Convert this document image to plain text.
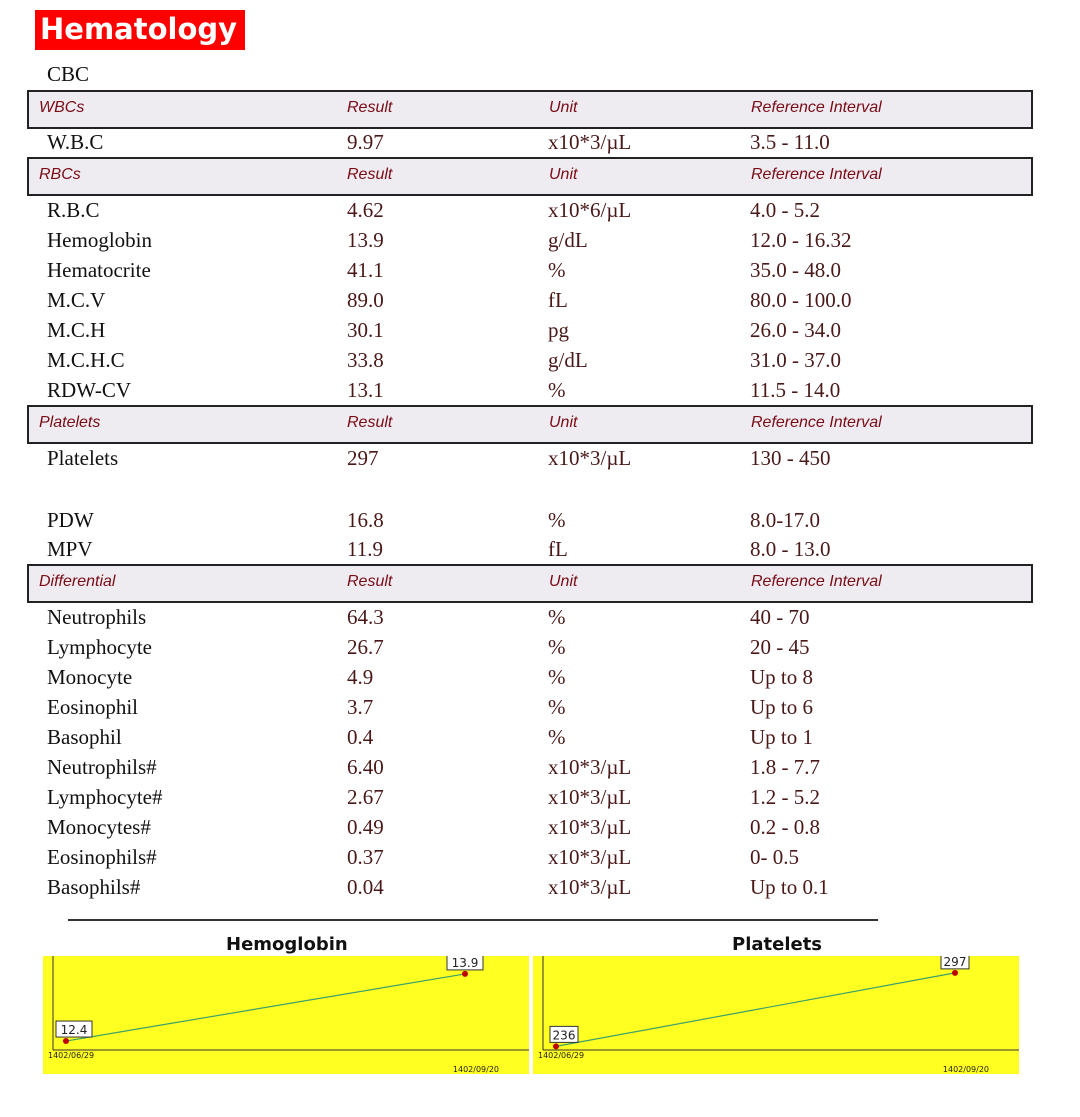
Hematology -
CBC
WBCs	Result	Unit	Reference Interval
RBCs	Result	Unit	Reference Interval
Platelets	Result	Unit	Reference Interval
Differential	Result	Unit	Reference Interval
W.B.C	9.97	x10*3/µL	3.5 - 11.0
R.B.C	4.62	x10*6/µL	4.0 - 5.2
Hemoglobin	13.9	g/dL	12.0 - 16.32
Hematocrite	41.1	%	35.0 - 48.0
M.C.V	89.0	fL	80.0 - 100.0
M.C.H	30.1	pg	26.0 - 34.0
M.C.H.C	33.8	g/dL	31.0 - 37.0
RDW-CV	13.1	%	11.5 - 14.0
Platelets	297	x10*3/µL	130 - 450
PDW	16.8	%	8.0-17.0
MPV	11.9	fL	8.0 - 13.0
Neutrophils	64.3	%	40 - 70
Lymphocyte	26.7	%	20 - 45
Monocyte	4.9	%	Up to 8
Eosinophil	3.7	%	Up to 6
Basophil	0.4	%	Up to 1
Neutrophils#	6.40	x10*3/µL	1.8 - 7.7
Lymphocyte#	2.67	x10*3/µL	1.2 - 5.2
Monocytes#	0.49	x10*3/µL	0.2 - 0.8
Eosinophils#	0.37	x10*3/µL	0- 0.5
Basophils#	0.04	x10*3/µL	Up to 0.1
Hemoglobin	Platelets
12.4
13.9
1402/06/29
1402/09/20
236
297
1402/06/29
1402/09/20
